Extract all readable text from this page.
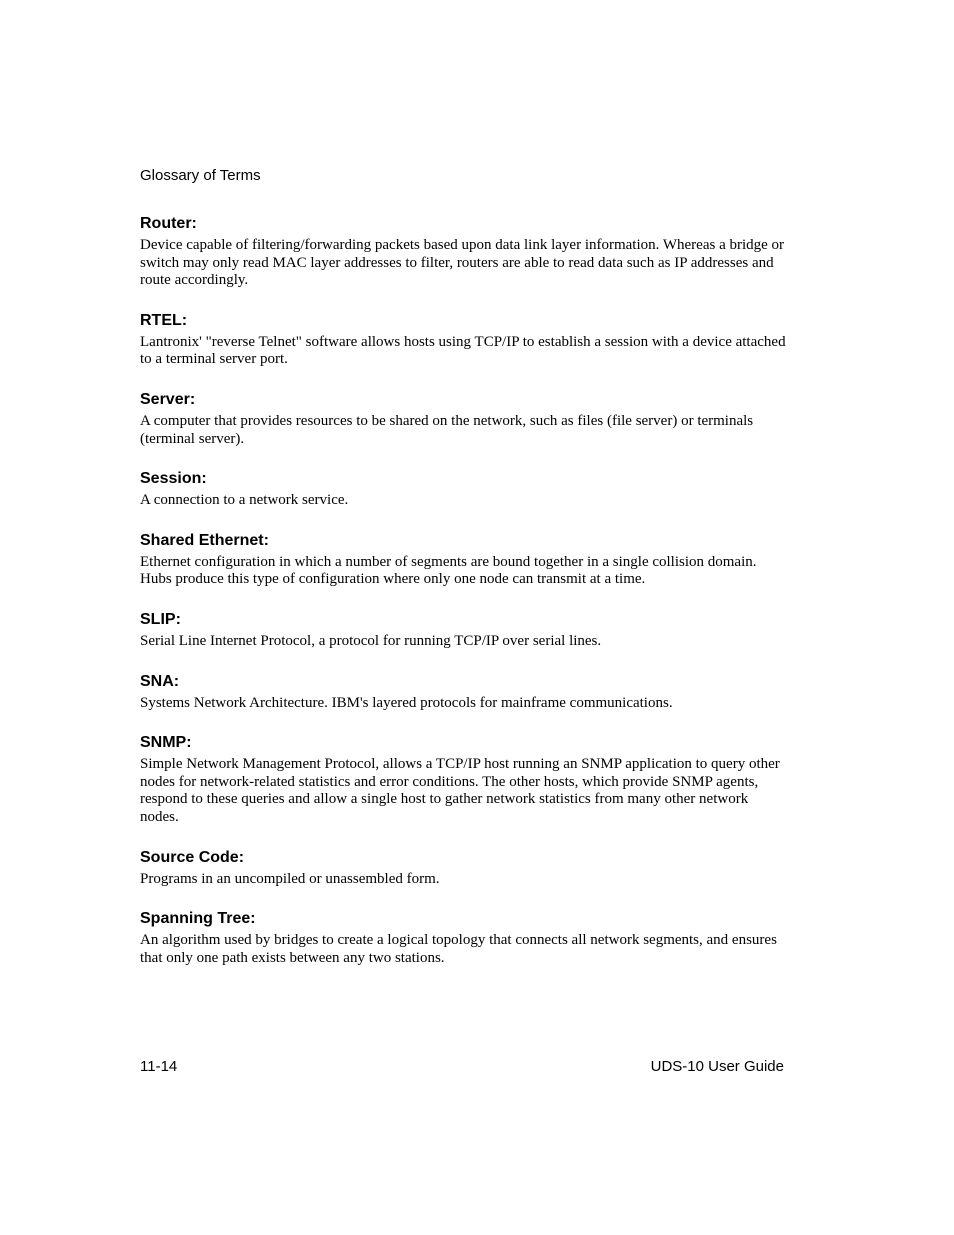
Glossary of Terms
Router:

Device capable of filtering/forwarding packets based upon data link layer information. Whereas a bridge or switch may only read MAC layer addresses to filter, routers are able to read data such as IP addresses and route accordingly.

RTEL:

Lantronix' "reverse Telnet" software allows hosts using TCP/IP to establish a session with a device attached to a terminal server port.

Server:

A computer that provides resources to be shared on the network, such as files (file server) or terminals (terminal server).

Session:

A connection to a network service.

Shared Ethernet:

Ethernet configuration in which a number of segments are bound together in a single collision domain. Hubs produce this type of configuration where only one node can transmit at a time.

SLIP:

Serial Line Internet Protocol, a protocol for running TCP/IP over serial lines.

SNA:

Systems Network Architecture. IBM's layered protocols for mainframe communications.

SNMP:

Simple Network Management Protocol, allows a TCP/IP host running an SNMP application to query other nodes for network-related statistics and error conditions. The other hosts, which provide SNMP agents, respond to these queries and allow a single host to gather network statistics from many other network nodes.

Source Code:

Programs in an uncompiled or unassembled form.

Spanning Tree:

An algorithm used by bridges to create a logical topology that connects all network segments, and ensures that only one path exists between any two stations.

11-14	UDS-10 User Guide
